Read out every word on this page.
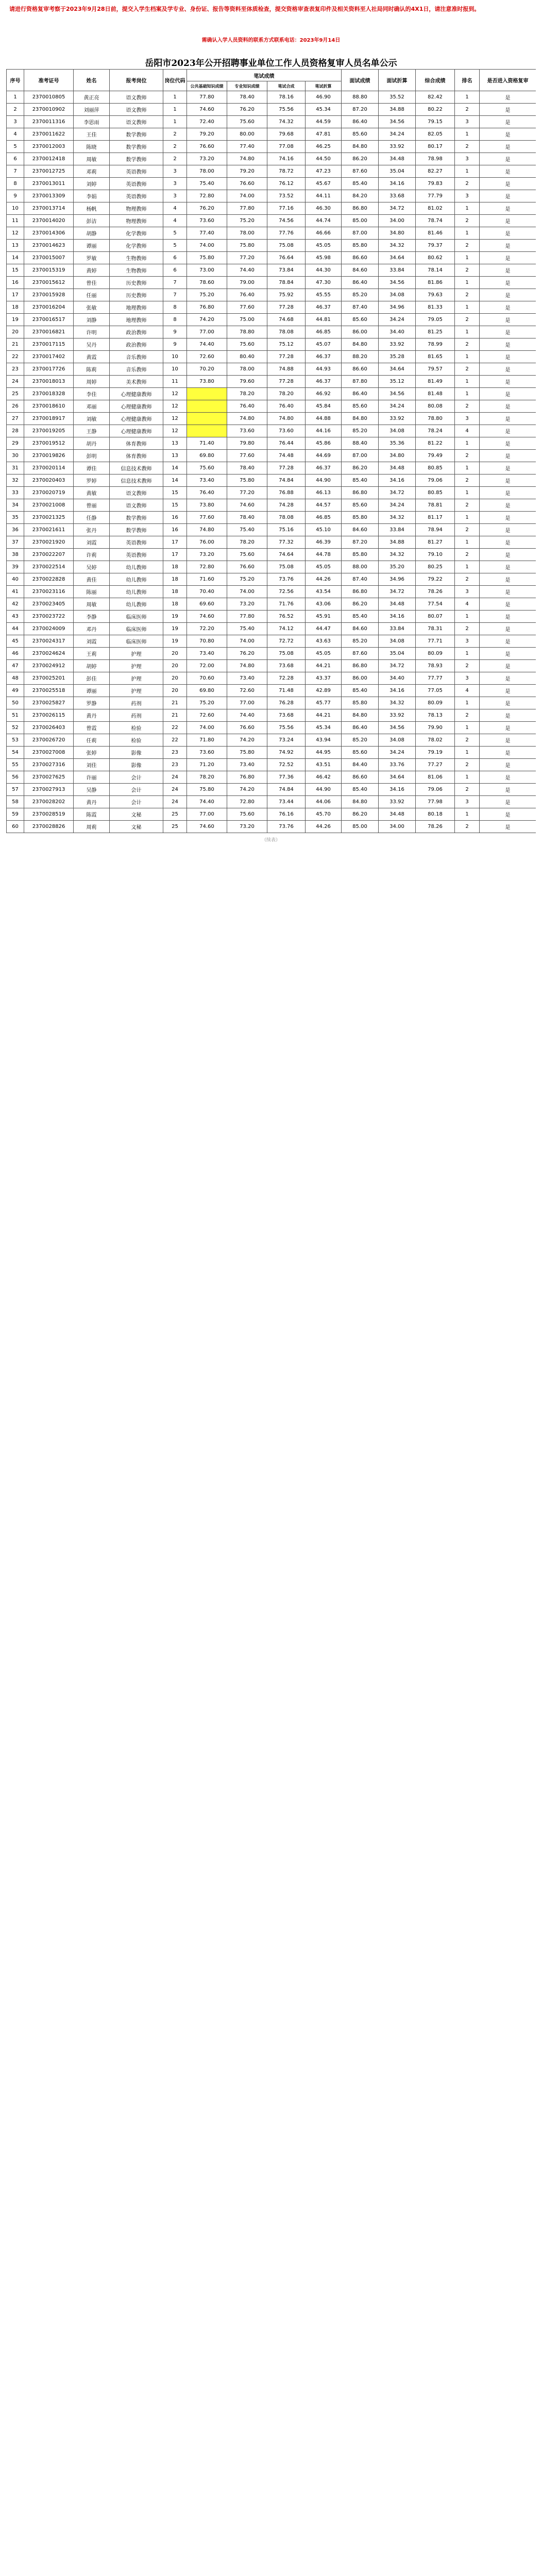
请进行资格复审考察于2023年9月28日前，提交入学生档案及学专业、身份证、报告等资料至体质检查，提交资格审查表复印件及相关资料至人社局同时确认的4X1日，请注意准时报到。
需确认入学人员资料的联系方式联系电话：2023年9月14日
岳阳市2023年公开招聘事业单位工作人员资格复审人员名单公示
序号	准考证号	姓名	报考岗位	岗位代码	笔试成绩				面试成绩	面试折算	综合成绩	排名	是否进入资格复审
					公共基础知识成绩	专业知识成绩	笔试合成	笔试折算					
1	2370010805	黄正亮	语文教师	1	77.80	78.40	78.16	46.90	88.80	35.52	82.42	1	是
2	2370010902	刘丽萍	语文教师	1	74.60	76.20	75.56	45.34	87.20	34.88	80.22	2	是
3	2370011316	李思雨	语文教师	1	72.40	75.60	74.32	44.59	86.40	34.56	79.15	3	是
4	2370011622	王佳	数学教师	2	79.20	80.00	79.68	47.81	85.60	34.24	82.05	1	是
5	2370012003	陈晓	数学教师	2	76.60	77.40	77.08	46.25	84.80	33.92	80.17	2	是
6	2370012418	周敏	数学教师	2	73.20	74.80	74.16	44.50	86.20	34.48	78.98	3	是
7	2370012725	邓莉	英语教师	3	78.00	79.20	78.72	47.23	87.60	35.04	82.27	1	是
8	2370013011	刘婷	英语教师	3	75.40	76.60	76.12	45.67	85.40	34.16	79.83	2	是
9	2370013309	李娟	英语教师	3	72.80	74.00	73.52	44.11	84.20	33.68	77.79	3	是
10	2370013714	杨帆	物理教师	4	76.20	77.80	77.16	46.30	86.80	34.72	81.02	1	是
11	2370014020	彭洁	物理教师	4	73.60	75.20	74.56	44.74	85.00	34.00	78.74	2	是
12	2370014306	胡静	化学教师	5	77.40	78.00	77.76	46.66	87.00	34.80	81.46	1	是
13	2370014623	谭丽	化学教师	5	74.00	75.80	75.08	45.05	85.80	34.32	79.37	2	是
14	2370015007	罗敏	生物教师	6	75.80	77.20	76.64	45.98	86.60	34.64	80.62	1	是
15	2370015319	黄婷	生物教师	6	73.00	74.40	73.84	44.30	84.60	33.84	78.14	2	是
16	2370015612	曾佳	历史教师	7	78.60	79.00	78.84	47.30	86.40	34.56	81.86	1	是
17	2370015928	任丽	历史教师	7	75.20	76.40	75.92	45.55	85.20	34.08	79.63	2	是
18	2370016204	张敏	地理教师	8	76.80	77.60	77.28	46.37	87.40	34.96	81.33	1	是
19	2370016517	刘静	地理教师	8	74.20	75.00	74.68	44.81	85.60	34.24	79.05	2	是
20	2370016821	许明	政治教师	9	77.00	78.80	78.08	46.85	86.00	34.40	81.25	1	是
21	2370017115	吴丹	政治教师	9	74.40	75.60	75.12	45.07	84.80	33.92	78.99	2	是
22	2370017402	黄霞	音乐教师	10	72.60	80.40	77.28	46.37	88.20	35.28	81.65	1	是
23	2370017726	陈莉	音乐教师	10	70.20	78.00	74.88	44.93	86.60	34.64	79.57	2	是
24	2370018013	周婷	美术教师	11	73.80	79.60	77.28	46.37	87.80	35.12	81.49	1	是
25	2370018328	李佳	心理健康教师	12		78.20	78.20	46.92	86.40	34.56	81.48	1	是
26	2370018610	邓丽	心理健康教师	12		76.40	76.40	45.84	85.60	34.24	80.08	2	是
27	2370018917	刘敏	心理健康教师	12		74.80	74.80	44.88	84.80	33.92	78.80	3	是
28	2370019205	王静	心理健康教师	12		73.60	73.60	44.16	85.20	34.08	78.24	4	是
29	2370019512	胡丹	体育教师	13	71.40	79.80	76.44	45.86	88.40	35.36	81.22	1	是
30	2370019826	彭明	体育教师	13	69.80	77.60	74.48	44.69	87.00	34.80	79.49	2	是
31	2370020114	谭佳	信息技术教师	14	75.60	78.40	77.28	46.37	86.20	34.48	80.85	1	是
32	2370020403	罗婷	信息技术教师	14	73.40	75.80	74.84	44.90	85.40	34.16	79.06	2	是
33	2370020719	黄敏	语文教师	15	76.40	77.20	76.88	46.13	86.80	34.72	80.85	1	是
34	2370021008	曾丽	语文教师	15	73.80	74.60	74.28	44.57	85.60	34.24	78.81	2	是
35	2370021325	任静	数学教师	16	77.60	78.40	78.08	46.85	85.80	34.32	81.17	1	是
36	2370021611	张丹	数学教师	16	74.80	75.40	75.16	45.10	84.60	33.84	78.94	2	是
37	2370021920	刘霞	英语教师	17	76.00	78.20	77.32	46.39	87.20	34.88	81.27	1	是
38	2370022207	许莉	英语教师	17	73.20	75.60	74.64	44.78	85.80	34.32	79.10	2	是
39	2370022514	吴婷	幼儿教师	18	72.80	76.60	75.08	45.05	88.00	35.20	80.25	1	是
40	2370022828	黄佳	幼儿教师	18	71.60	75.20	73.76	44.26	87.40	34.96	79.22	2	是
41	2370023116	陈丽	幼儿教师	18	70.40	74.00	72.56	43.54	86.80	34.72	78.26	3	是
42	2370023405	周敏	幼儿教师	18	69.60	73.20	71.76	43.06	86.20	34.48	77.54	4	是
43	2370023722	李静	临床医师	19	74.60	77.80	76.52	45.91	85.40	34.16	80.07	1	是
44	2370024009	邓丹	临床医师	19	72.20	75.40	74.12	44.47	84.60	33.84	78.31	2	是
45	2370024317	刘霞	临床医师	19	70.80	74.00	72.72	43.63	85.20	34.08	77.71	3	是
46	2370024624	王莉	护理	20	73.40	76.20	75.08	45.05	87.60	35.04	80.09	1	是
47	2370024912	胡婷	护理	20	72.00	74.80	73.68	44.21	86.80	34.72	78.93	2	是
48	2370025201	彭佳	护理	20	70.60	73.40	72.28	43.37	86.00	34.40	77.77	3	是
49	2370025518	谭丽	护理	20	69.80	72.60	71.48	42.89	85.40	34.16	77.05	4	是
50	2370025827	罗静	药剂	21	75.20	77.00	76.28	45.77	85.80	34.32	80.09	1	是
51	2370026115	黄丹	药剂	21	72.60	74.40	73.68	44.21	84.80	33.92	78.13	2	是
52	2370026403	曾霞	检验	22	74.00	76.60	75.56	45.34	86.40	34.56	79.90	1	是
53	2370026720	任莉	检验	22	71.80	74.20	73.24	43.94	85.20	34.08	78.02	2	是
54	2370027008	张婷	影像	23	73.60	75.80	74.92	44.95	85.60	34.24	79.19	1	是
55	2370027316	刘佳	影像	23	71.20	73.40	72.52	43.51	84.40	33.76	77.27	2	是
56	2370027625	许丽	会计	24	78.20	76.80	77.36	46.42	86.60	34.64	81.06	1	是
57	2370027913	吴静	会计	24	75.80	74.20	74.84	44.90	85.40	34.16	79.06	2	是
58	2370028202	黄丹	会计	24	74.40	72.80	73.44	44.06	84.80	33.92	77.98	3	是
59	2370028519	陈霞	文秘	25	77.00	75.60	76.16	45.70	86.20	34.48	80.18	1	是
60	2370028826	周莉	文秘	25	74.60	73.20	73.76	44.26	85.00	34.00	78.26	2	是
（续表）
